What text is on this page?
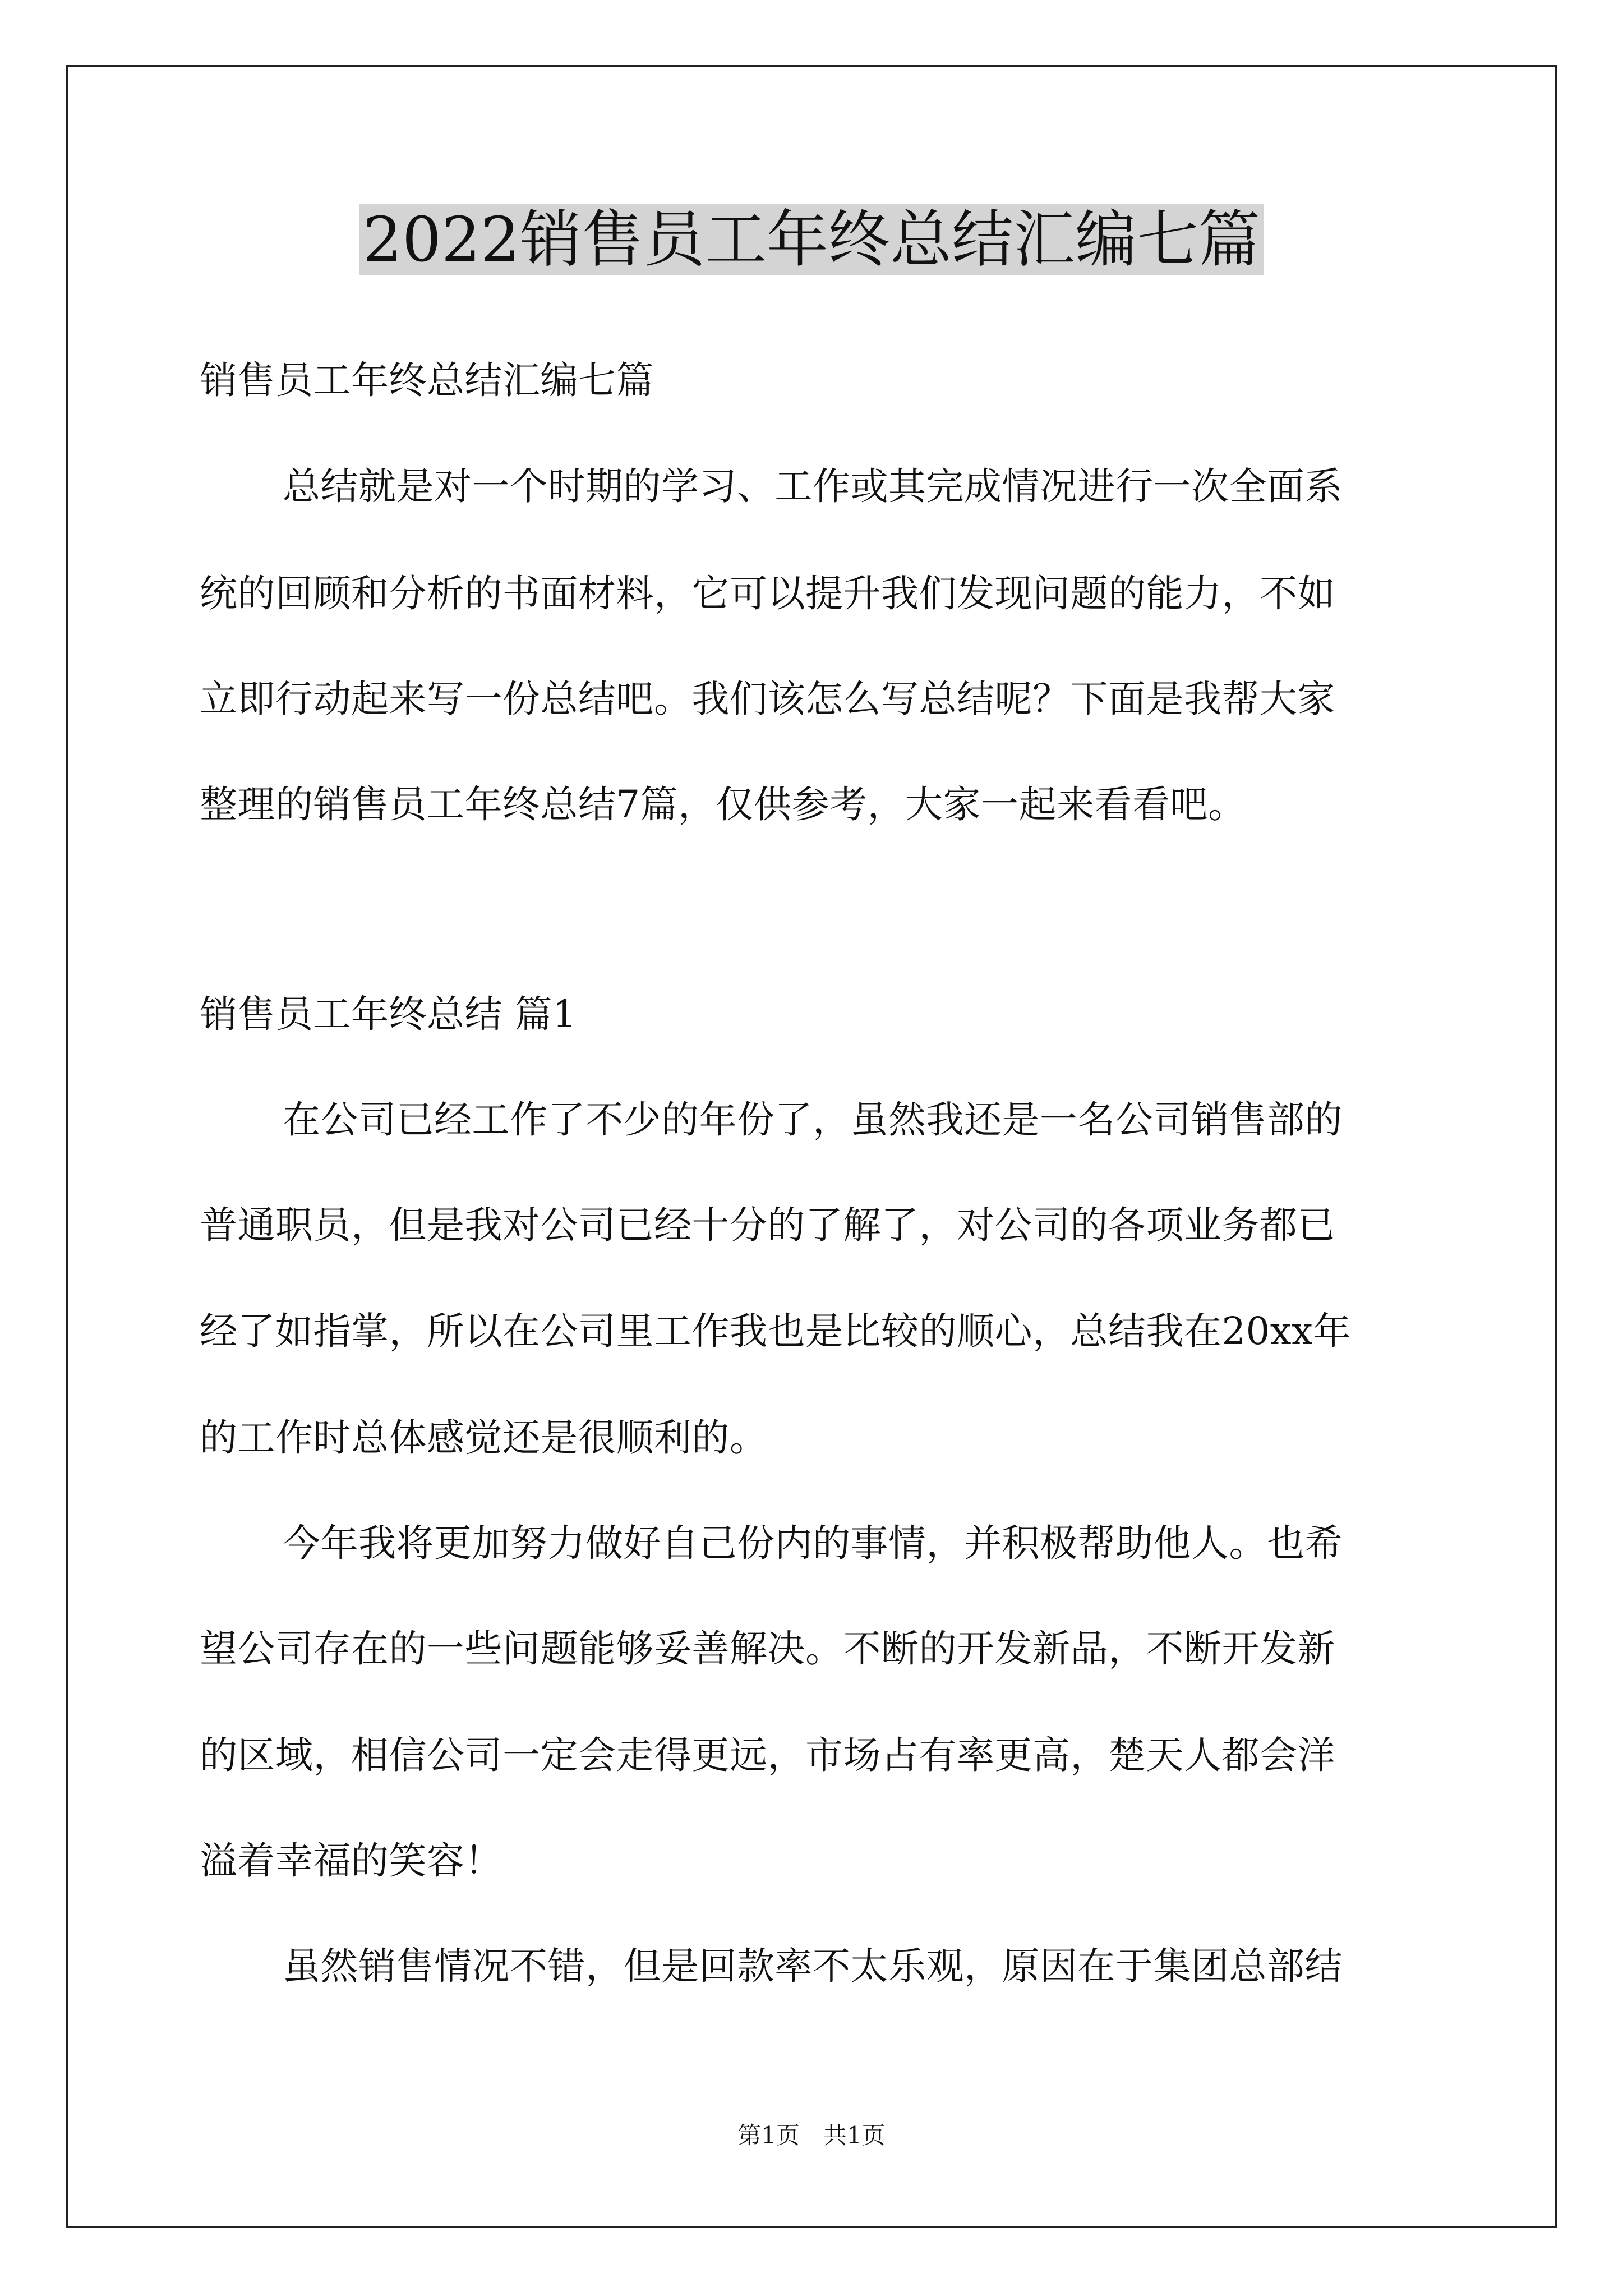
2022销售员工年终总结汇编七篇
销售员工年终总结汇编七篇
总结就是对一个时期的学习、工作或其完成情况进行一次全面系
统的回顾和分析的书面材料，它可以提升我们发现问题的能力，不如
立即行动起来写一份总结吧。我们该怎么写总结呢？下面是我帮大家
整理的销售员工年终总结7篇，仅供参考，大家一起来看看吧。
销售员工年终总结 篇1
在公司已经工作了不少的年份了，虽然我还是一名公司销售部的
普通职员，但是我对公司已经十分的了解了，对公司的各项业务都已
经了如指掌，所以在公司里工作我也是比较的顺心，总结我在20xx年
的工作时总体感觉还是很顺利的。
今年我将更加努力做好自己份内的事情，并积极帮助他人。也希
望公司存在的一些问题能够妥善解决。不断的开发新品，不断开发新
的区域，相信公司一定会走得更远，市场占有率更高，楚天人都会洋
溢着幸福的笑容！
虽然销售情况不错，但是回款率不太乐观，原因在于集团总部结
第1页　共1页
